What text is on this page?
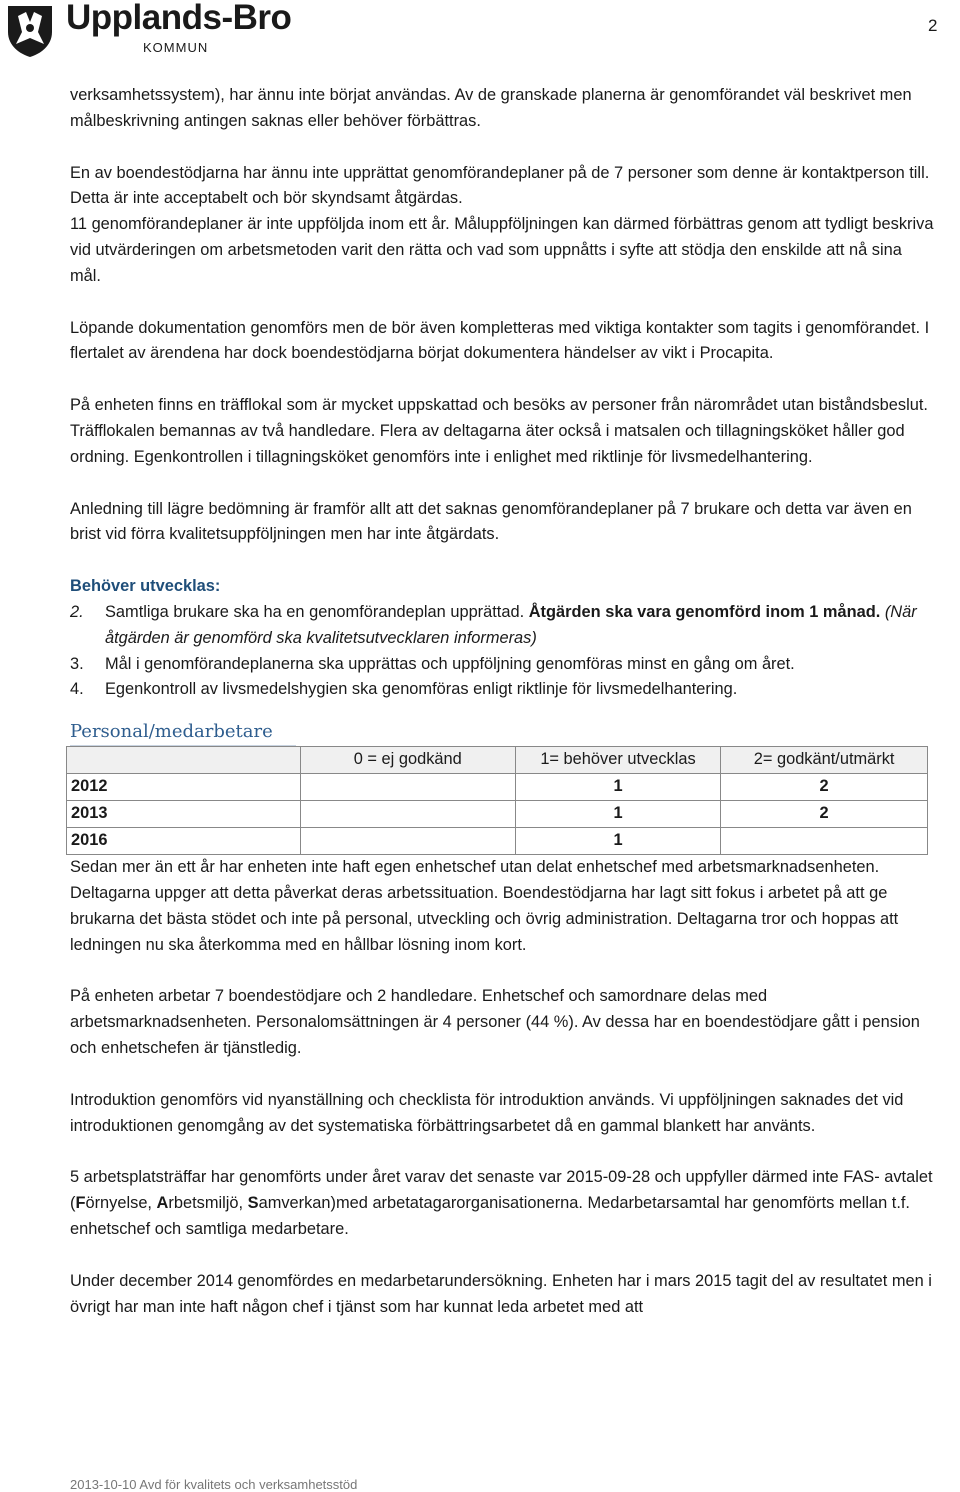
Upplands-Bro
KOMMUN
2

verksamhetssystem), har ännu inte börjat användas. Av de granskade planerna är genomförandet väl beskrivet men målbeskrivning antingen saknas eller behöver förbättras.

En av boendestödjarna har ännu inte upprättat genomförandeplaner på de 7 personer som denne är kontaktperson till. Detta är inte acceptabelt och bör skyndsamt åtgärdas.

11 genomförandeplaner är inte uppföljda inom ett år. Måluppföljningen kan därmed förbättras genom att tydligt beskriva vid utvärderingen om arbetsmetoden varit den rätta och vad som uppnåtts i syfte att stödja den enskilde att nå sina mål.

Löpande dokumentation genomförs men de bör även kompletteras med viktiga kontakter som tagits i genomförandet. I flertalet av ärendena har dock boendestödjarna börjat dokumentera händelser av vikt i Procapita.

På enheten finns en träfflokal som är mycket uppskattad och besöks av personer från närområdet utan biståndsbeslut. Träfflokalen bemannas av två handledare. Flera av deltagarna äter också i matsalen och tillagningsköket håller god ordning. Egenkontrollen i tillagningsköket genomförs inte i enlighet med riktlinje för livsmedelhantering.

Anledning till lägre bedömning är framför allt att det saknas genomförandeplaner på 7 brukare och detta var även en brist vid förra kvalitetsuppföljningen men har inte åtgärdats.

Behöver utvecklas:

2.	Samtliga brukare ska ha en genomförandeplan upprättad. Åtgärden ska vara genomförd inom 1 månad. (När åtgärden är genomförd ska kvalitetsutvecklaren informeras)
3.	Mål i genomförandeplanerna ska upprättas och uppföljning genomföras minst en gång om året.
4.	Egenkontroll av livsmedelshygien ska genomföras enligt riktlinje för livsmedelhantering.
Personal/medarbetare
	0 = ej godkänd	1= behöver utvecklas	2= godkänt/utmärkt
2012		1	2
2013		1	2
2016		1	

Sedan mer än ett år har enheten inte haft egen enhetschef utan delat enhetschef med arbetsmarknadsenheten. Deltagarna uppger att detta påverkat deras arbetssituation. Boendestödjarna har lagt sitt fokus i arbetet på att ge brukarna det bästa stödet och inte på personal, utveckling och övrig administration. Deltagarna tror och hoppas att ledningen nu ska återkomma med en hållbar lösning inom kort.

På enheten arbetar 7 boendestödjare och 2 handledare. Enhetschef och samordnare delas med arbetsmarknadsenheten. Personalomsättningen är 4 personer (44 %). Av dessa har en boendestödjare gått i pension och enhetschefen är tjänstledig.

Introduktion genomförs vid nyanställning och checklista för introduktion används. Vi uppföljningen saknades det vid introduktionen genomgång av det systematiska förbättringsarbetet då en gammal blankett har använts.

5 arbetsplatsträffar har genomförts under året varav det senaste var 2015-09-28 och uppfyller därmed inte FAS- avtalet (Förnyelse, Arbetsmiljö, Samverkan)med arbetatagarorganisationerna. Medarbetarsamtal har genomförts mellan t.f. enhetschef och samtliga medarbetare.

Under december 2014 genomfördes en medarbetarundersökning. Enheten har i mars 2015 tagit del av resultatet men i övrigt har man inte haft någon chef i tjänst som har kunnat leda arbetet med att

2013-10-10 Avd för kvalitets och verksamhetsstöd
